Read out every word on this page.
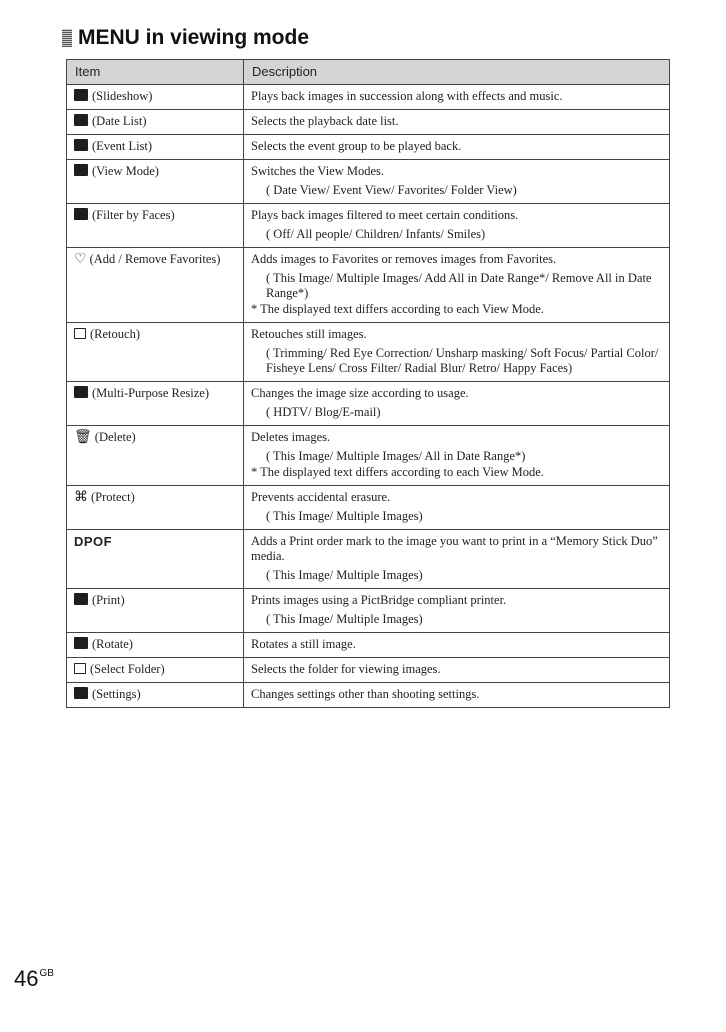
MENU in viewing mode
Item	Description
(Slideshow)	Plays back images in succession along with effects and music.

(Date List)	Selects the playback date list.

(Event List)	Selects the event group to be played back.

(View Mode)	Switches the View Modes.
( Date View/ Event View/ Favorites/ Folder View)

(Filter by Faces)	Plays back images filtered to meet certain conditions.
( Off/ All people/ Children/ Infants/ Smiles)

♡ (Add / Remove Favorites)	Adds images to Favorites or removes images from Favorites.
( This Image/ Multiple Images/ Add All in Date Range*/ Remove All in Date Range*)
* The displayed text differs according to each View Mode.

(Retouch)	Retouches still images.
( Trimming/ Red Eye Correction/ Unsharp masking/ Soft Focus/ Partial Color/ Fisheye Lens/ Cross Filter/ Radial Blur/ Retro/ Happy Faces)

(Multi-Purpose Resize)	Changes the image size according to usage.
( HDTV/ Blog/E-mail)

🗑 (Delete)	Deletes images.
( This Image/ Multiple Images/ All in Date Range*)
* The displayed text differs according to each View Mode.

⌘ (Protect)	Prevents accidental erasure.
( This Image/ Multiple Images)

DPOF	Adds a Print order mark to the image you want to print in a “Memory Stick Duo” media.
( This Image/ Multiple Images)

(Print)	Prints images using a PictBridge compliant printer.
( This Image/ Multiple Images)

(Rotate)	Rotates a still image.

(Select Folder)	Selects the folder for viewing images.

(Settings)	Changes settings other than shooting settings.
$46^{GB}$
